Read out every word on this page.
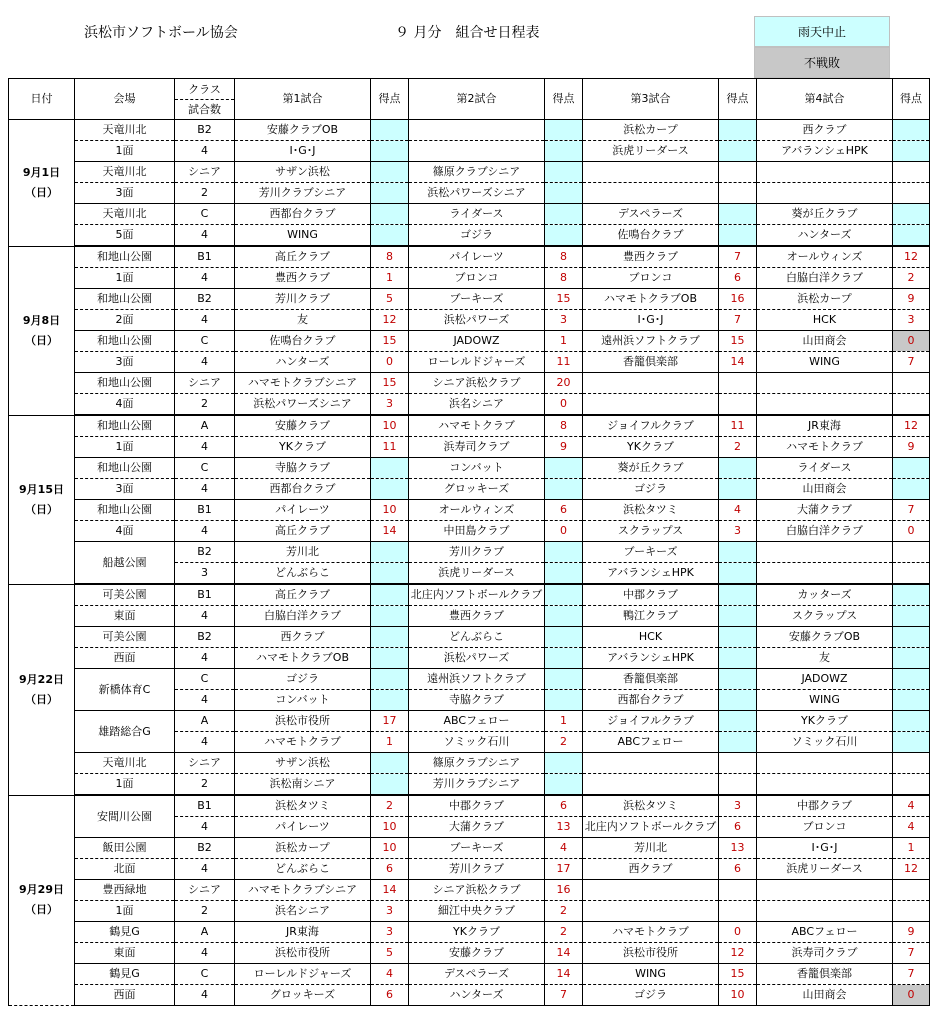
浜松市ソフトボール協会	９ 月分　組合せ日程表	雨天中止
不戦敗
日付	会場	クラス
試合数	第1試合	得点	第2試合	得点	第3試合	得点	第4試合	得点

9月1日
（日）	天竜川北	B2	安藤クラブOB				浜松カープ		西クラブ	
	1面	4	I･G･J				浜虎リーダース		アバランシェHPK	
	天竜川北	シニア	サザン浜松		篠原クラブシニア					
	3面	2	芳川クラブシニア		浜松パワーズシニア					
	天竜川北	C	西都台クラブ		ライダース		デスペラーズ		葵が丘クラブ	
	5面	4	WING		ゴジラ		佐鳴台クラブ		ハンターズ	

9月8日
（日）	和地山公園	B1	高丘クラブ	8	パイレーツ	8	豊西クラブ	7	オールウィンズ	12
	1面	4	豊西クラブ	1	ブロンコ	8	ブロンコ	6	白脇白洋クラブ	2
	和地山公園	B2	芳川クラブ	5	ブーキーズ	15	ハマモトクラブOB	16	浜松カープ	9
	2面	4	友	12	浜松パワーズ	3	I･G･J	7	HCK	3
	和地山公園	C	佐鳴台クラブ	15	JADOWZ	1	遠州浜ソフトクラブ	15	山田商会	0
	3面	4	ハンターズ	0	ローレルドジャーズ	11	香籠倶楽部	14	WING	7
	和地山公園	シニア	ハマモトクラブシニア	15	シニア浜松クラブ	20				
	4面	2	浜松パワーズシニア	3	浜名シニア	0				

9月15日
（日）	和地山公園	A	安藤クラブ	10	ハマモトクラブ	8	ジョイフルクラブ	11	JR東海	12
	1面	4	YKクラブ	11	浜寿司クラブ	9	YKクラブ	2	ハマモトクラブ	9
	和地山公園	C	寺脇クラブ		コンバット		葵が丘クラブ		ライダース	
	3面	4	西都台クラブ		グロッキーズ		ゴジラ		山田商会	
	和地山公園	B1	パイレーツ	10	オールウィンズ	6	浜松タツミ	4	大蒲クラブ	7
	4面	4	高丘クラブ	14	中田島クラブ	0	スクラップス	3	白脇白洋クラブ	0
	船越公園	B2	芳川北		芳川クラブ		ブーキーズ			
		3	どんぶらこ		浜虎リーダース		アバランシェHPK			

9月22日
（日）	可美公園	B1	高丘クラブ		北庄内ソフトボールクラブ		中郡クラブ		カッターズ	
	東面	4	白脇白洋クラブ		豊西クラブ		鴨江クラブ		スクラップス	
	可美公園	B2	西クラブ		どんぶらこ		HCK		安藤クラブOB	
	西面	4	ハマモトクラブOB		浜松パワーズ		アバランシェHPK		友	
	新橋体育C	C	ゴジラ		遠州浜ソフトクラブ		香籠倶楽部		JADOWZ	
		4	コンバット		寺脇クラブ		西都台クラブ		WING	
	雄踏総合G	A	浜松市役所	17	ABCフェロー	1	ジョイフルクラブ		YKクラブ	
		4	ハマモトクラブ	1	ソミック石川	2	ABCフェロー		ソミック石川	
	天竜川北	シニア	サザン浜松		篠原クラブシニア					
	1面	2	浜松南シニア		芳川クラブシニア					

9月29日
（日）	安間川公園	B1	浜松タツミ	2	中郡クラブ	6	浜松タツミ	3	中郡クラブ	4
		4	パイレーツ	10	大蒲クラブ	13	北庄内ソフトボールクラブ	6	ブロンコ	4
	飯田公園	B2	浜松カープ	10	ブーキーズ	4	芳川北	13	I･G･J	1
	北面	4	どんぶらこ	6	芳川クラブ	17	西クラブ	6	浜虎リーダース	12
	豊西緑地	シニア	ハマモトクラブシニア	14	シニア浜松クラブ	16				
	1面	2	浜名シニア	3	細江中央クラブ	2				
	鶴見G	A	JR東海	3	YKクラブ	2	ハマモトクラブ	0	ABCフェロー	9
	東面	4	浜松市役所	5	安藤クラブ	14	浜松市役所	12	浜寿司クラブ	7
	鶴見G	C	ローレルドジャーズ	4	デスペラーズ	14	WING	15	香籠倶楽部	7
	西面	4	グロッキーズ	6	ハンターズ	7	ゴジラ	10	山田商会	0
